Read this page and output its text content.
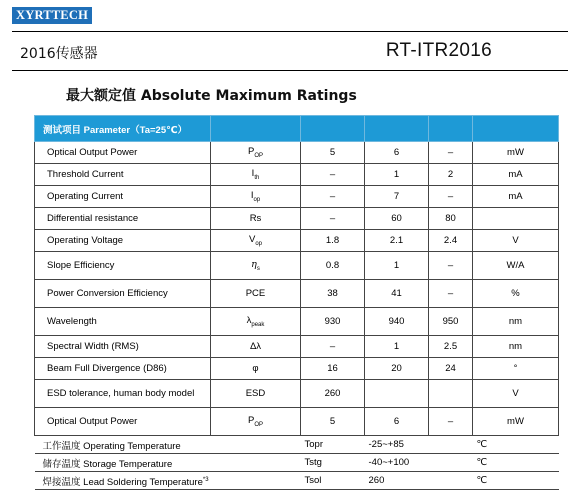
XYRTTECH
2016传感器	RT-ITR2016
最大额定值 Absolute Maximum Ratings
测试项目 Parameter（Ta=25℃）					
Optical Output Power	$P_{OP}$	5	6	–	mW
Threshold Current	$I_{th}$	–	1	2	mA
Operating Current	$I_{op}$	–	7	–	mA
Differential resistance	Rs	–	60	80	
Operating Voltage	$V_{op}$	1.8	2.1	2.4	V
Slope Efficiency	$\eta_s$	0.8	1	–	W/A
Power Conversion Efficiency	PCE	38	41	–	%
Wavelength	$\lambda_{peak}$	930	940	950	nm
Spectral Width (RMS)	Δλ	–	1	2.5	nm
Beam Full Divergence (D86)	φ	16	20	24	°
ESD tolerance, human body model	ESD	260			V
Optical Output Power	$P_{OP}$	5	6	–	mW
工作温度 Operating Temperature		Topr	-25~+85		℃
储存温度 Storage Temperature		Tstg	-40~+100		℃
焊接温度 Lead Soldering Temperature$^{*3}$		Tsol	260		℃
